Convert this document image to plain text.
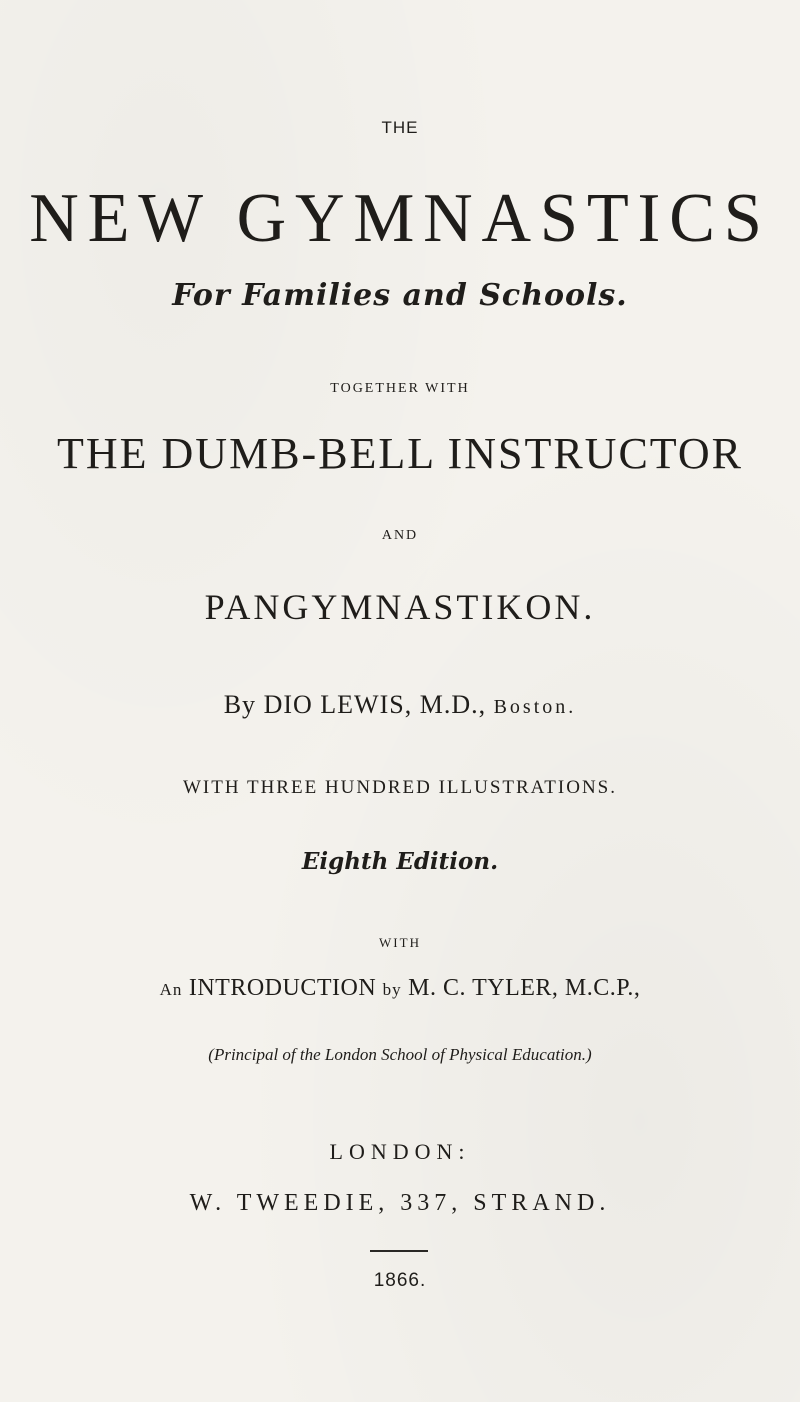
THE
NEW GYMNASTICS
For Families and Schools.
TOGETHER WITH
THE DUMB-BELL INSTRUCTOR
AND
PANGYMNASTIKON.
By DIO LEWIS, M.D., Boston.
WITH THREE HUNDRED ILLUSTRATIONS.
Eighth Edition.
WITH
An INTRODUCTION by M. C. TYLER, M.C.P.,
(Principal of the London School of Physical Education.)
LONDON:
W. TWEEDIE, 337, STRAND.
1866.
